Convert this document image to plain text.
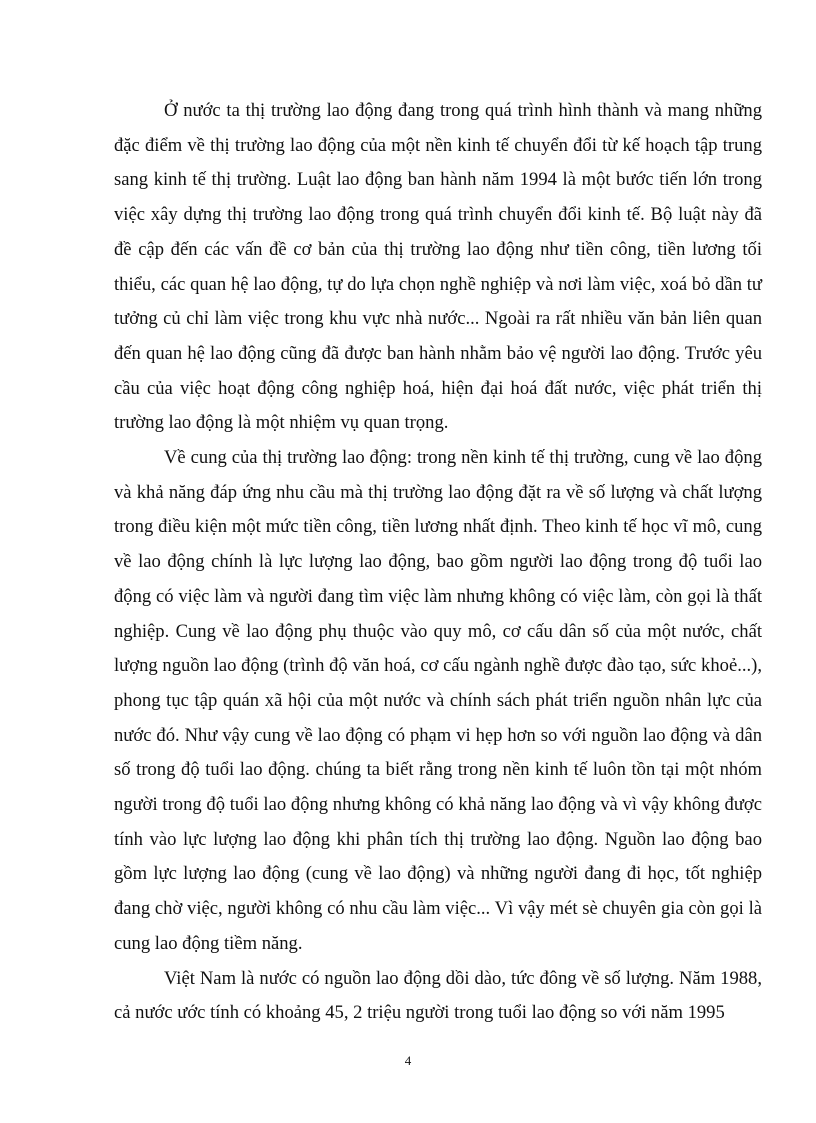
Ở nước ta thị trường lao động đang trong quá trình hình thành và mang những đặc điểm về thị trường lao động của một nền kinh tế chuyển đổi từ kế hoạch tập trung sang kinh tế thị trường. Luật lao động ban hành năm 1994 là một bước tiến lớn trong việc xây dựng thị trường lao động trong quá trình chuyển đổi kinh tế. Bộ luật này đã đề cập đến các vấn đề cơ bản của thị trường lao động như tiền công, tiền lương tối thiểu, các quan hệ lao động, tự do lựa chọn nghề nghiệp và nơi làm việc, xoá bỏ dần tư tưởng củ chỉ làm việc trong khu vực nhà nước... Ngoài ra rất nhiều văn bản liên quan đến quan hệ lao động cũng đã được ban hành nhằm bảo vệ người lao động. Trước yêu cầu của việc hoạt động công nghiệp hoá, hiện đại hoá đất nước, việc phát triển thị trường lao động là một nhiệm vụ quan trọng.

Về cung của thị trường lao động: trong nền kinh tế thị trường, cung về lao động và khả năng đáp ứng nhu cầu mà thị trường lao động đặt ra về số lượng và chất lượng trong điều kiện một mức tiền công, tiền lương nhất định. Theo kinh tế học vĩ mô, cung về lao động chính là lực lượng lao động, bao gồm người lao động trong độ tuổi lao động có việc làm và người đang tìm việc làm nhưng không có việc làm, còn gọi là thất nghiệp. Cung về lao động phụ thuộc vào quy mô, cơ cấu dân số của một nước, chất lượng nguồn lao động (trình độ văn hoá, cơ cấu ngành nghề được đào tạo, sức khoẻ...), phong tục tập quán xã hội của một nước và chính sách phát triển nguồn nhân lực của nước đó. Như vậy cung về lao động có phạm vi hẹp hơn so với nguồn lao động và dân số trong độ tuổi lao động. chúng ta biết rằng trong nền kinh tế luôn tồn tại một nhóm người trong độ tuổi lao động nhưng không có khả năng lao động và vì vậy không được tính vào lực lượng lao động khi phân tích thị trường lao động. Nguồn lao động bao gồm lực lượng lao động (cung về lao động) và những người đang đi học, tốt nghiệp đang chờ việc, người không có nhu cầu làm việc... Vì vậy mét sè chuyên gia còn gọi là cung lao động tiềm năng.

Việt Nam là nước có nguồn lao động dồi dào, tức đông về số lượng. Năm 1988, cả nước ước tính có khoảng 45, 2 triệu người trong tuổi lao động so với năm 1995

4
